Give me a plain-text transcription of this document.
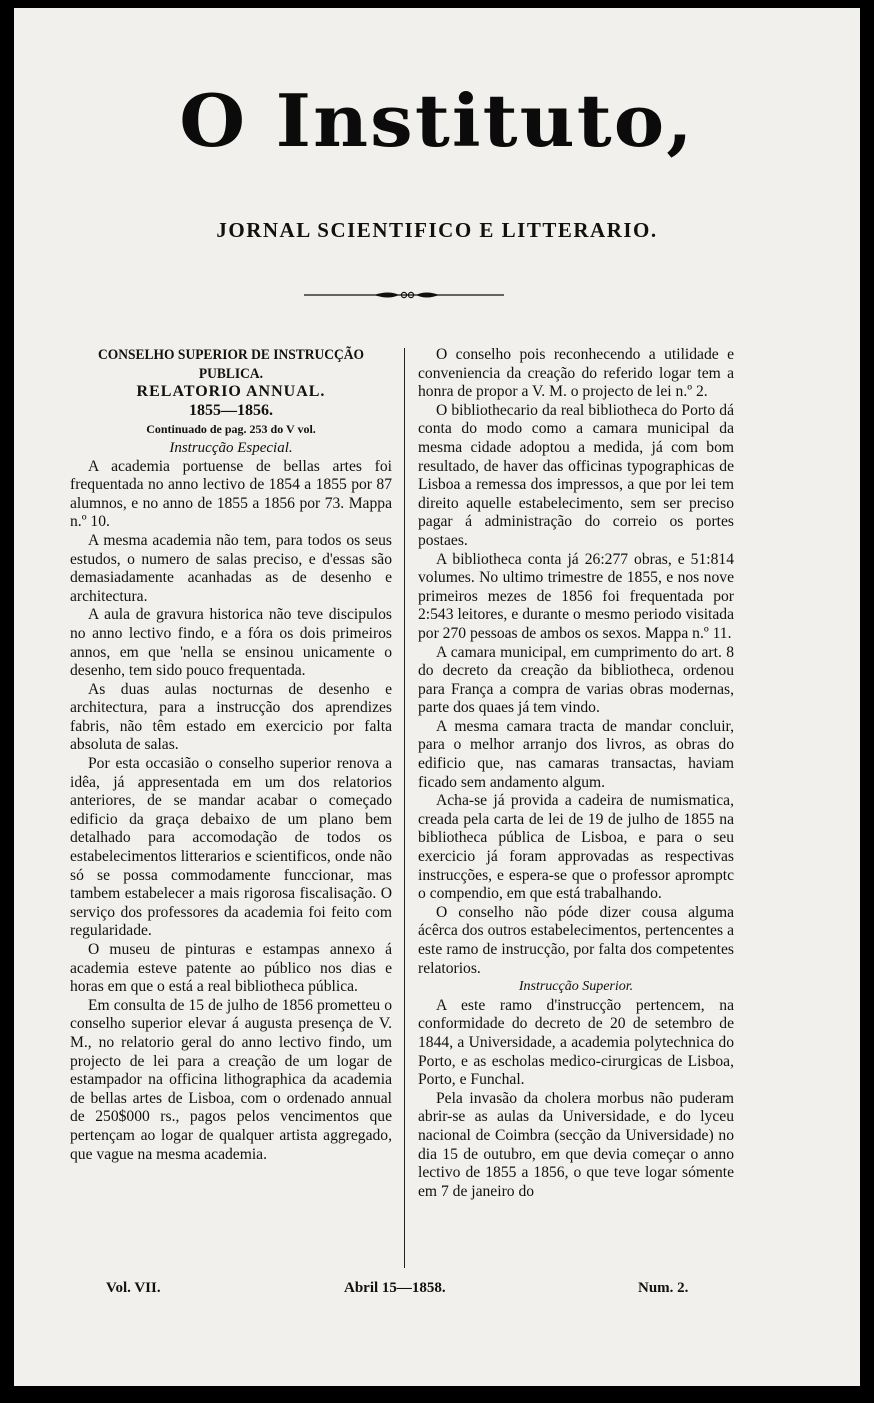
O Instituto,
JORNAL SCIENTIFICO E LITTERARIO.

CONSELHO SUPERIOR DE INSTRUCÇÃO PUBLICA.

RELATORIO ANNUAL.

1855—1856.

Continuado de pag. 253 do V vol.

Instrucção Especial.

A academia portuense de bellas artes foi frequentada no anno lectivo de 1854 a 1855 por 87 alumnos, e no anno de 1855 a 1856 por 73. Mappa n.º 10.

A mesma academia não tem, para todos os seus estudos, o numero de salas preciso, e d'essas são demasiadamente acanhadas as de desenho e architectura.

A aula de gravura historica não teve discipulos no anno lectivo findo, e a fóra os dois primeiros annos, em que 'nella se ensinou unicamente o desenho, tem sido pouco frequentada.

As duas aulas nocturnas de desenho e architectura, para a instrucção dos aprendizes fabris, não têm estado em exercicio por falta absoluta de salas.

Por esta occasião o conselho superior renova a idêa, já appresentada em um dos relatorios anteriores, de se mandar acabar o começado edificio da graça debaixo de um plano bem detalhado para accomodação de todos os estabelecimentos litterarios e scientificos, onde não só se possa commodamente funccionar, mas tambem estabelecer a mais rigorosa fiscalisação. O serviço dos professores da academia foi feito com regularidade.

O museu de pinturas e estampas annexo á academia esteve patente ao público nos dias e horas em que o está a real bibliotheca pública.

Em consulta de 15 de julho de 1856 prometteu o conselho superior elevar á augusta presença de V. M., no relatorio geral do anno lectivo findo, um projecto de lei para a creação de um logar de estampador na officina lithographica da academia de bellas artes de Lisboa, com o ordenado annual de 250$000 rs., pagos pelos vencimentos que pertençam ao logar de qualquer artista aggregado, que vague na mesma academia.

O conselho pois reconhecendo a utilidade e conveniencia da creação do referido logar tem a honra de propor a V. M. o projecto de lei n.º 2.

O bibliothecario da real bibliotheca do Porto dá conta do modo como a camara municipal da mesma cidade adoptou a medida, já com bom resultado, de haver das officinas typographicas de Lisboa a remessa dos impressos, a que por lei tem direito aquelle estabelecimento, sem ser preciso pagar á administração do correio os portes postaes.

A bibliotheca conta já 26:277 obras, e 51:814 volumes. No ultimo trimestre de 1855, e nos nove primeiros mezes de 1856 foi frequentada por 2:543 leitores, e durante o mesmo periodo visitada por 270 pessoas de ambos os sexos. Mappa n.º 11.

A camara municipal, em cumprimento do art. 8 do decreto da creação da bibliotheca, ordenou para França a compra de varias obras modernas, parte dos quaes já tem vindo.

A mesma camara tracta de mandar concluir, para o melhor arranjo dos livros, as obras do edificio que, nas camaras transactas, haviam ficado sem andamento algum.

Acha-se já provida a cadeira de numismatica, creada pela carta de lei de 19 de julho de 1855 na bibliotheca pública de Lisboa, e para o seu exercicio já foram approvadas as respectivas instrucções, e espera-se que o professor apromptc o compendio, em que está trabalhando.

O conselho não póde dizer cousa alguma ácêrca dos outros estabelecimentos, pertencentes a este ramo de instrucção, por falta dos competentes relatorios.

Instrucção Superior.

A este ramo d'instrucção pertencem, na conformidade do decreto de 20 de setembro de 1844, a Universidade, a academia polytechnica do Porto, e as escholas medico-cirurgicas de Lisboa, Porto, e Funchal.

Pela invasão da cholera morbus não puderam abrir-se as aulas da Universidade, e do lyceu nacional de Coimbra (secção da Universidade) no dia 15 de outubro, em que devia começar o anno lectivo de 1855 a 1856, o que teve logar sómente em 7 de janeiro do

Vol. VII.	Abril 15—1858.	Num. 2.
